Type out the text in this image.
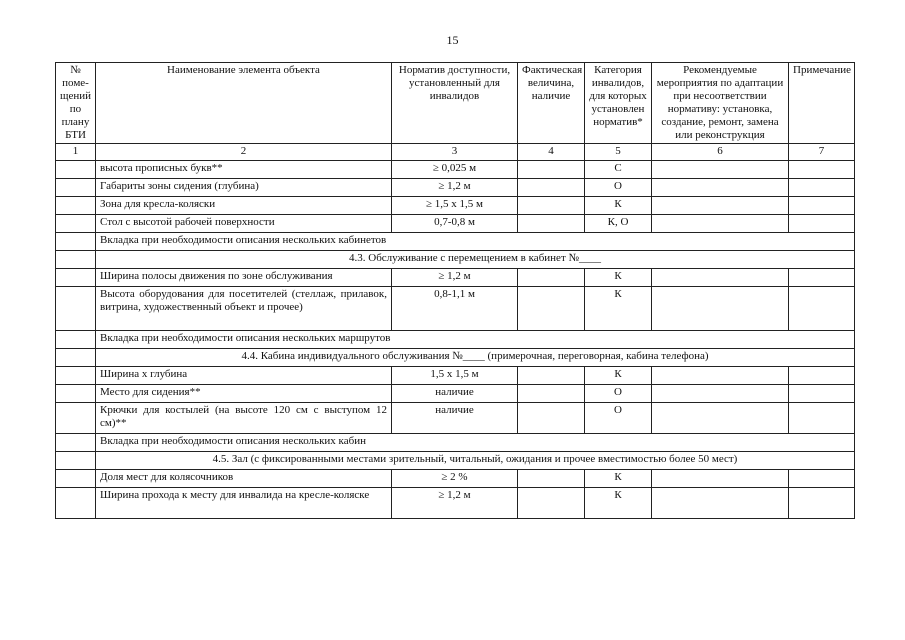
15
№ поме- щений по плану БТИ	Наименование элемента объекта	Норматив доступности, установленный для инвалидов	Фактическая величина, наличие	Категория инвалидов, для которых установлен норматив*	Рекомендуемые мероприятия по адаптации при несоответствии нормативу: установка, создание, ремонт, замена или реконструкция	Примечание
1	2	3	4	5	6	7
	высота прописных букв**	≥ 0,025 м		С		
	Габариты зоны сидения (глубина)	≥ 1,2 м		О		
	Зона для кресла-коляски	≥ 1,5 х 1,5 м		К		
	Стол с высотой рабочей поверхности	0,7-0,8 м		К, О		
	Вкладка при необходимости описания нескольких кабинетов					
	4.3. Обслуживание с перемещением в кабинет №____					
	Ширина полосы движения по зоне обслуживания	≥ 1,2 м		К		
	Высота оборудования для посетителей (стеллаж, прилавок, витрина, художественный объект и прочее)	0,8-1,1 м		К		
	Вкладка при необходимости описания нескольких маршрутов					
	4.4. Кабина индивидуального обслуживания №____ (примерочная, переговорная, кабина телефона)					
	Ширина х глубина	1,5 х 1,5 м		К		
	Место для сидения**	наличие		О		
	Крючки для костылей (на высоте 120 см с выступом 12 см)**	наличие		О		
	Вкладка при необходимости описания нескольких кабин					
	4.5. Зал (с фиксированными местами зрительный, читальный, ожидания и прочее вместимостью более 50 мест)					
	Доля мест для колясочников	≥ 2 %		К		
	Ширина прохода к месту для инвалида на кресле-коляске	≥ 1,2 м		К		
